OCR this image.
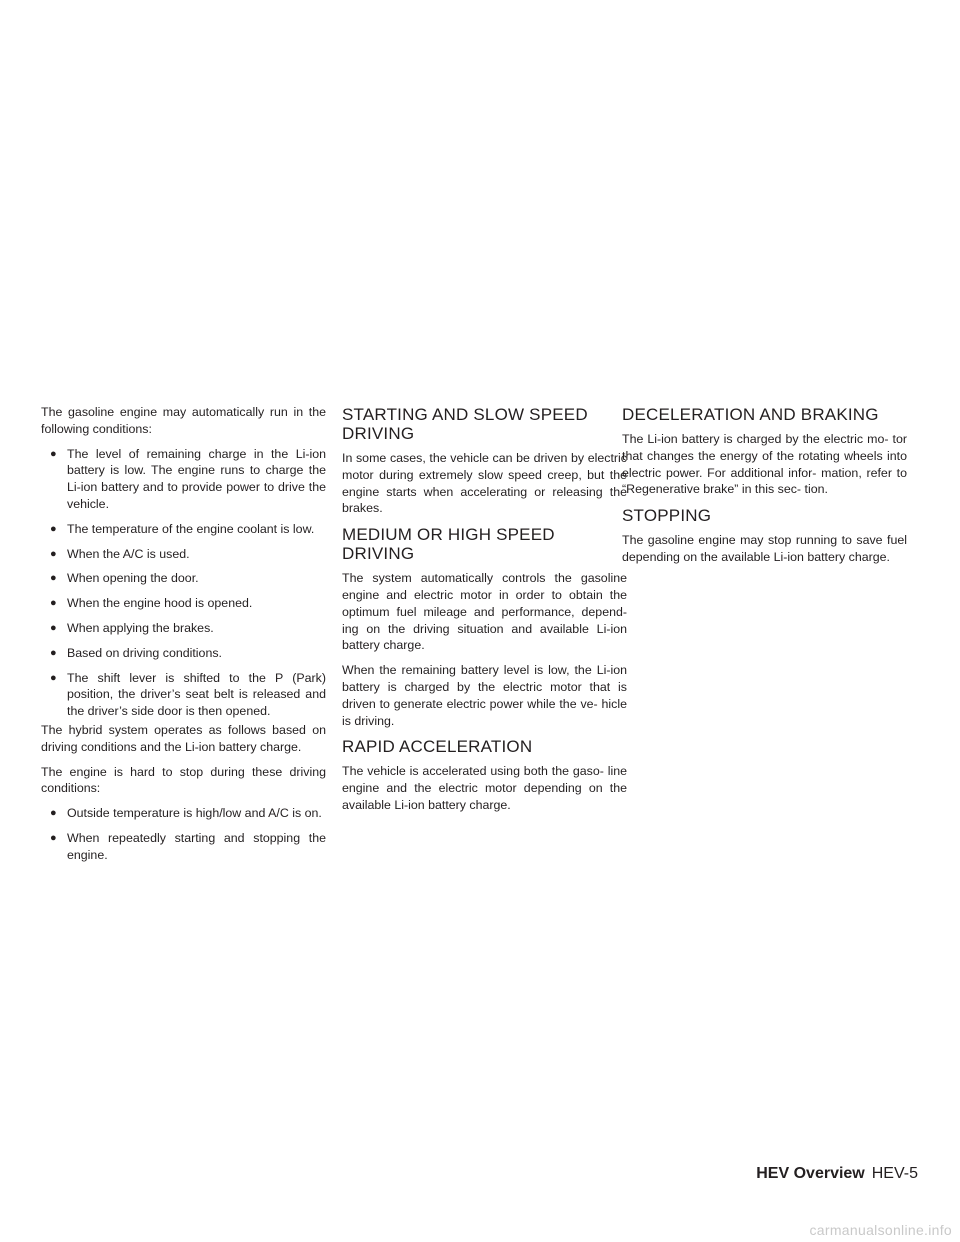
The gasoline engine may automatically run in the following conditions:

● The level of remaining charge in the Li-ion battery is low. The engine runs to charge the Li-ion battery and to provide power to drive the vehicle.
● The temperature of the engine coolant is low.
● When the A/C is used.
● When opening the door.
● When the engine hood is opened.
● When applying the brakes.
● Based on driving conditions.
● The shift lever is shifted to the P (Park) position, the driver’s seat belt is released and the driver’s side door is then opened.

The hybrid system operates as follows based on driving conditions and the Li-ion battery charge.

The engine is hard to stop during these driving conditions:

● Outside temperature is high/low and A/C is on.
● When repeatedly starting and stopping the engine.
STARTING AND SLOW SPEED DRIVING

In some cases, the vehicle can be driven by electric motor during extremely slow speed creep, but the engine starts when accelerating or releasing the brakes.

MEDIUM OR HIGH SPEED DRIVING

The system automatically controls the gasoline engine and electric motor in order to obtain the optimum fuel mileage and performance, depend- ing on the driving situation and available Li-ion battery charge.

When the remaining battery level is low, the Li-ion battery is charged by the electric motor that is driven to generate electric power while the ve- hicle is driving.

RAPID ACCELERATION

The vehicle is accelerated using both the gaso- line engine and the electric motor depending on the available Li-ion battery charge.

DECELERATION AND BRAKING

The Li-ion battery is charged by the electric mo- tor that changes the energy of the rotating wheels into electric power. For additional infor- mation, refer to “Regenerative brake” in this sec- tion.

STOPPING

The gasoline engine may stop running to save fuel depending on the available Li-ion battery charge.

HEV Overview HEV-5
carmanualsonline.info
